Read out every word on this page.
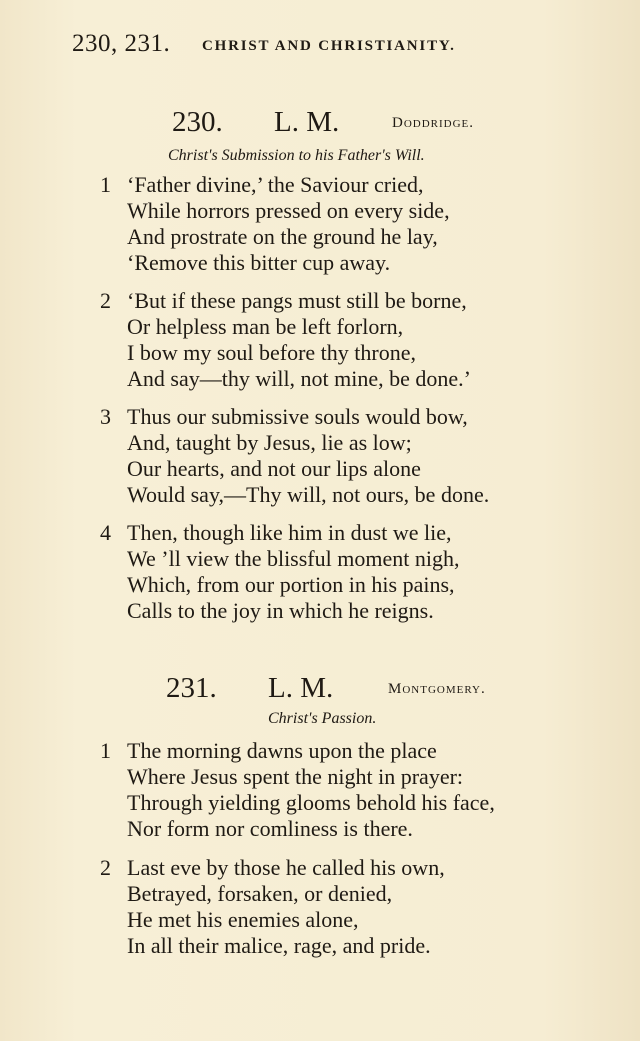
230, 231. CHRIST AND CHRISTIANITY.
230. L. M.	Doddridge.
Christ's Submission to his Father's Will.
1 ‘Father divine,’ the Saviour cried,
While horrors pressed on every side,
And prostrate on the ground he lay,
‘Remove this bitter cup away.
2 ‘But if these pangs must still be borne,
Or helpless man be left forlorn,
I bow my soul before thy throne,
And say—thy will, not mine, be done.’
3 Thus our submissive souls would bow,
And, taught by Jesus, lie as low;
Our hearts, and not our lips alone
Would say,—Thy will, not ours, be done.
4 Then, though like him in dust we lie,
We ’ll view the blissful moment nigh,
Which, from our portion in his pains,
Calls to the joy in which he reigns.
231. L. M.	Montgomery.
Christ's Passion.
1 The morning dawns upon the place
Where Jesus spent the night in prayer:
Through yielding glooms behold his face,
Nor form nor comliness is there.
2 Last eve by those he called his own,
Betrayed, forsaken, or denied,
He met his enemies alone,
In all their malice, rage, and pride.
